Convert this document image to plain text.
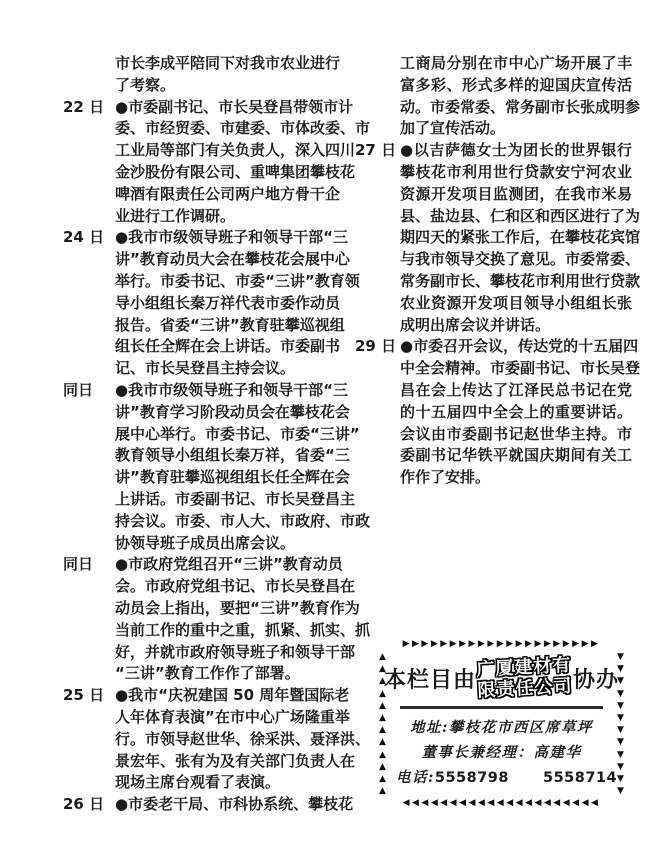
市长李成平陪同下对我市农业进行
了考察。
22 日 ●市委副书记、市长吴登昌带领市计
委、市经贸委、市建委、市体改委、市
工业局等部门有关负责人，深入四川
金沙股份有限公司、重啤集团攀枝花
啤酒有限责任公司两户地方骨干企
业进行工作调研。
24 日 ●我市市级领导班子和领导干部“三
讲”教育动员大会在攀枝花会展中心
举行。市委书记、市委“三讲”教育领
导小组组长秦万祥代表市委作动员
报告。省委“三讲”教育驻攀巡视组
组长任全辉在会上讲话。市委副书
记、市长吴登昌主持会议。
同日	●我市市级领导班子和领导干部“三
讲”教育学习阶段动员会在攀枝花会
展中心举行。市委书记、市委“三讲”
教育领导小组组长秦万祥，省委“三
讲”教育驻攀巡视组组长任全辉在会
上讲话。市委副书记、市长吴登昌主
持会议。市委、市人大、市政府、市政
协领导班子成员出席会议。
同日	●市政府党组召开“三讲”教育动员
会。市政府党组书记、市长吴登昌在
动员会上指出，要把“三讲”教育作为
当前工作的重中之重，抓紧、抓实、抓
好，并就市政府领导班子和领导干部
“三讲”教育工作作了部署。
25 日 ●我市“庆祝建国 50 周年暨国际老
人年体育表演”在市中心广场隆重举
行。市领导赵世华、徐采洪、聂泽洪、
景宏年、张有为及有关部门负责人在
现场主席台观看了表演。
26 日 ●市委老干局、市科协系统、攀枝花
工商局分别在市中心广场开展了丰
富多彩、形式多样的迎国庆宣传活
动。市委常委、常务副市长张成明参
加了宣传活动。
27 日 ●以吉萨德女士为团长的世界银行
攀枝花市利用世行贷款安宁河农业
资源开发项目监测团，在我市米易
县、盐边县、仁和区和西区进行了为
期四天的紧张工作后，在攀枝花宾馆
与我市领导交换了意见。市委常委、
常务副市长、攀枝花市利用世行贷款
农业资源开发项目领导小组组长张
成明出席会议并讲话。
29 日 ●市委召开会议，传达党的十五届四
中全会精神。市委副书记、市长吴登
昌在会上传达了江泽民总书记在党
的十五届四中全会上的重要讲话。
会议由市委副书记赵世华主持。市
委副书记华铁平就国庆期间有关工
作作了安排。
▶▶▶▶▶▶▶▶▶▶▶▶▶▶▶▶▶▶▶▶▶
◀◀◀◀◀◀◀◀◀◀◀◀◀◀◀◀◀◀◀◀◀
▲▲▲▲▲▲▲▲▲▲▲▲
▼▼▼▼▼▼▼▼▼▼▼▼
本栏目由 广厦建材有
限责任公司 协办
地址:攀枝花市西区席草坪
董事长兼经理：高建华
电话:5558798 5558714
